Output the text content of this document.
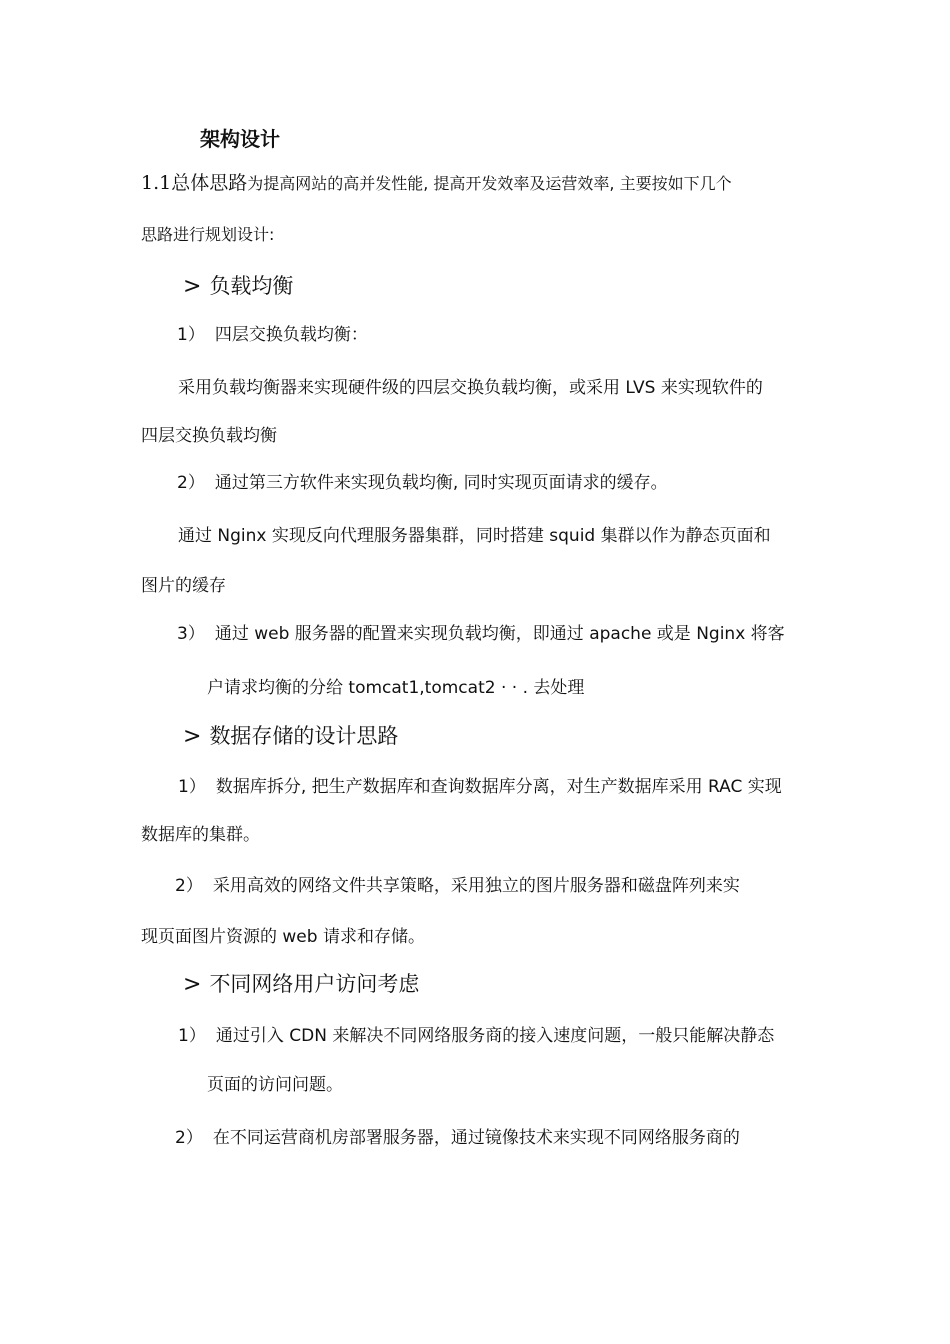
架构设计
1.1总体思路为提高网站的高并发性能, 提高开发效率及运营效率, 主要按如下几个
思路进行规划设计:
> 负载均衡
1） 四层交换负载均衡：
采用负载均衡器来实现硬件级的四层交换负载均衡，或采用 LVS 来实现软件的
四层交换负载均衡
2） 通过第三方软件来实现负载均衡, 同时实现页面请求的缓存。
通过 Nginx 实现反向代理服务器集群，同时搭建 squid 集群以作为静态页面和
图片的缓存
3） 通过 web 服务器的配置来实现负载均衡，即通过 apache 或是 Nginx 将客
户请求均衡的分给 tomcat1,tomcat2 · · . 去处理
> 数据存储的设计思路
1） 数据库拆分, 把生产数据库和查询数据库分离，对生产数据库采用 RAC 实现
数据库的集群。
2） 采用高效的网络文件共享策略，采用独立的图片服务器和磁盘阵列来实
现页面图片资源的 web 请求和存储。
> 不同网络用户访问考虑
1） 通过引入 CDN 来解决不同网络服务商的接入速度问题，一般只能解决静态
页面的访问问题。
2） 在不同运营商机房部署服务器，通过镜像技术来实现不同网络服务商的
